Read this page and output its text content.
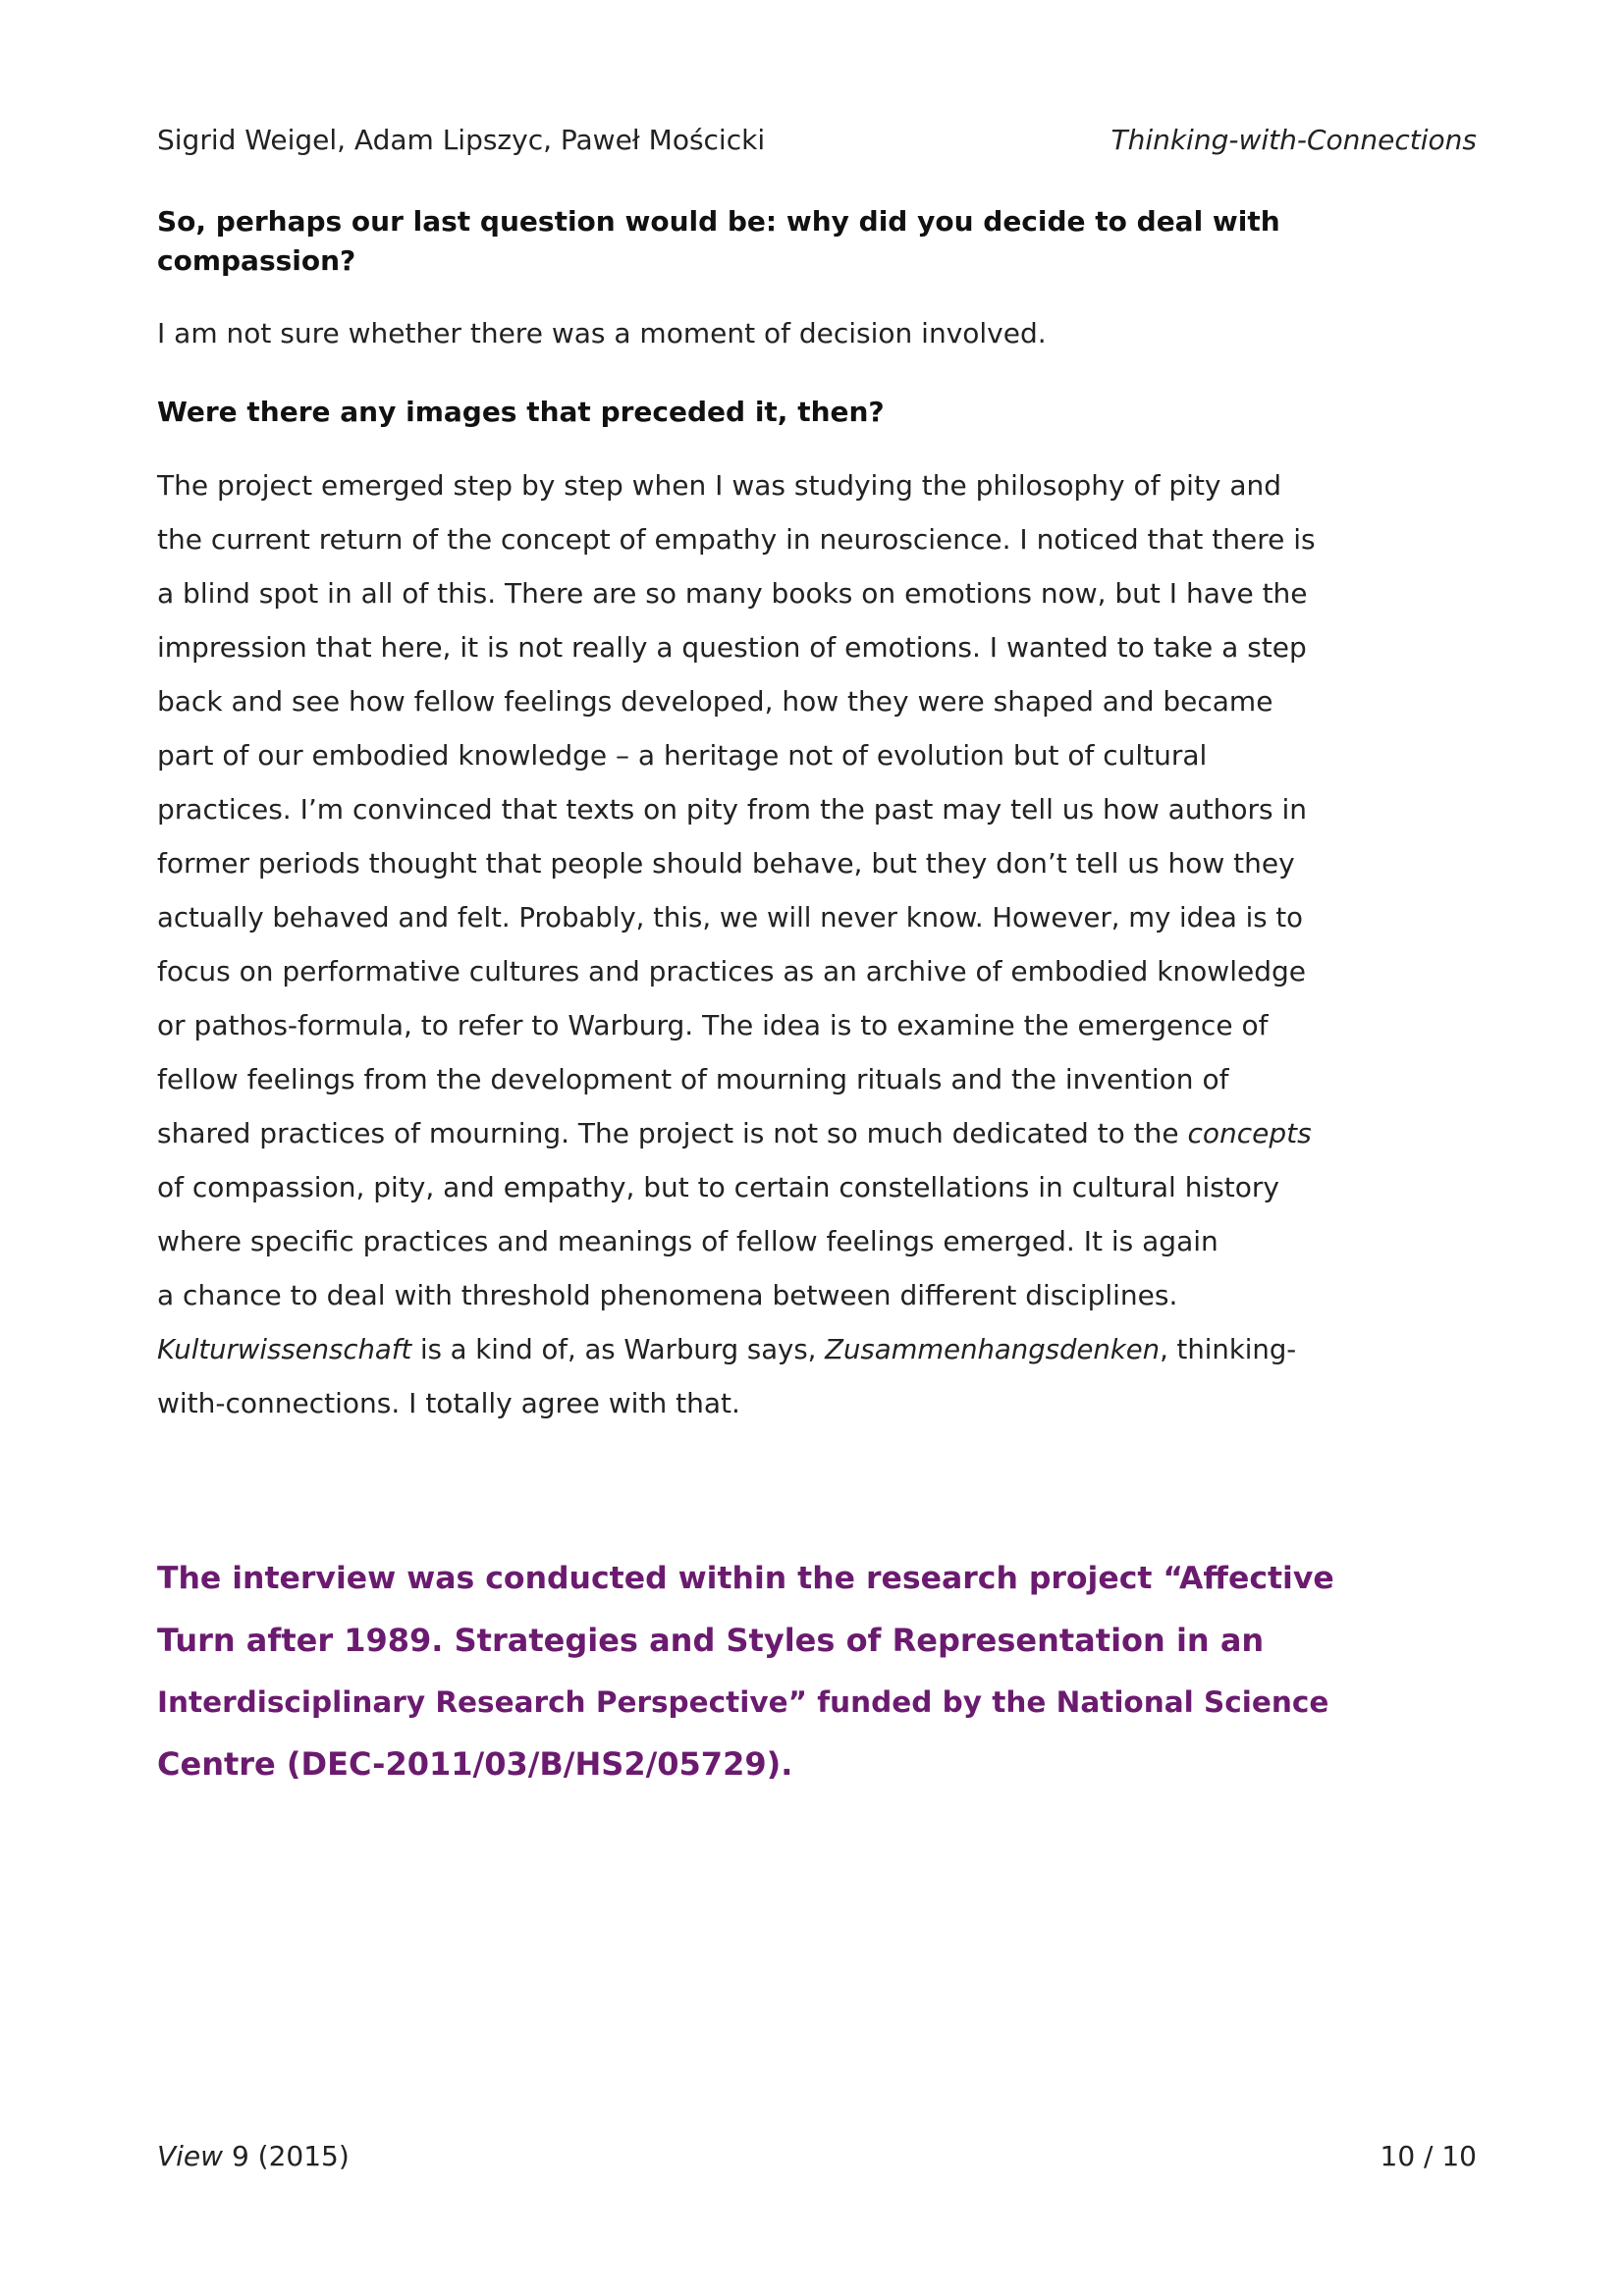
Sigrid Weigel, Adam Lipszyc, Paweł Mościcki	Thinking-with-Connections
So, perhaps our last question would be: why did you decide to deal with
compassion?
I am not sure whether there was a moment of decision involved.
Were there any images that preceded it, then?
The project emerged step by step when I was studying the philosophy of pity and
the current return of the concept of empathy in neuroscience. I noticed that there is
a blind spot in all of this. There are so many books on emotions now, but I have the
impression that here, it is not really a question of emotions. I wanted to take a step
back and see how fellow feelings developed, how they were shaped and became
part of our embodied knowledge – a heritage not of evolution but of cultural
practices. I’m convinced that texts on pity from the past may tell us how authors in
former periods thought that people should behave, but they don’t tell us how they
actually behaved and felt. Probably, this, we will never know. However, my idea is to
focus on performative cultures and practices as an archive of embodied knowledge
or pathos-formula, to refer to Warburg. The idea is to examine the emergence of
fellow feelings from the development of mourning rituals and the invention of
shared practices of mourning. The project is not so much dedicated to the concepts
of compassion, pity, and empathy, but to certain constellations in cultural history
where specific practices and meanings of fellow feelings emerged. It is again
a chance to deal with threshold phenomena between different disciplines.
Kulturwissenschaft is a kind of, as Warburg says, Zusammenhangsdenken, thinking-
with-connections. I totally agree with that.
The interview was conducted within the research project “Affective
Turn after 1989. Strategies and Styles of Representation in an
Interdisciplinary Research Perspective” funded by the National Science
Centre (DEC-2011/03/B/HS2/05729).
View 9 (2015)	10 / 10
